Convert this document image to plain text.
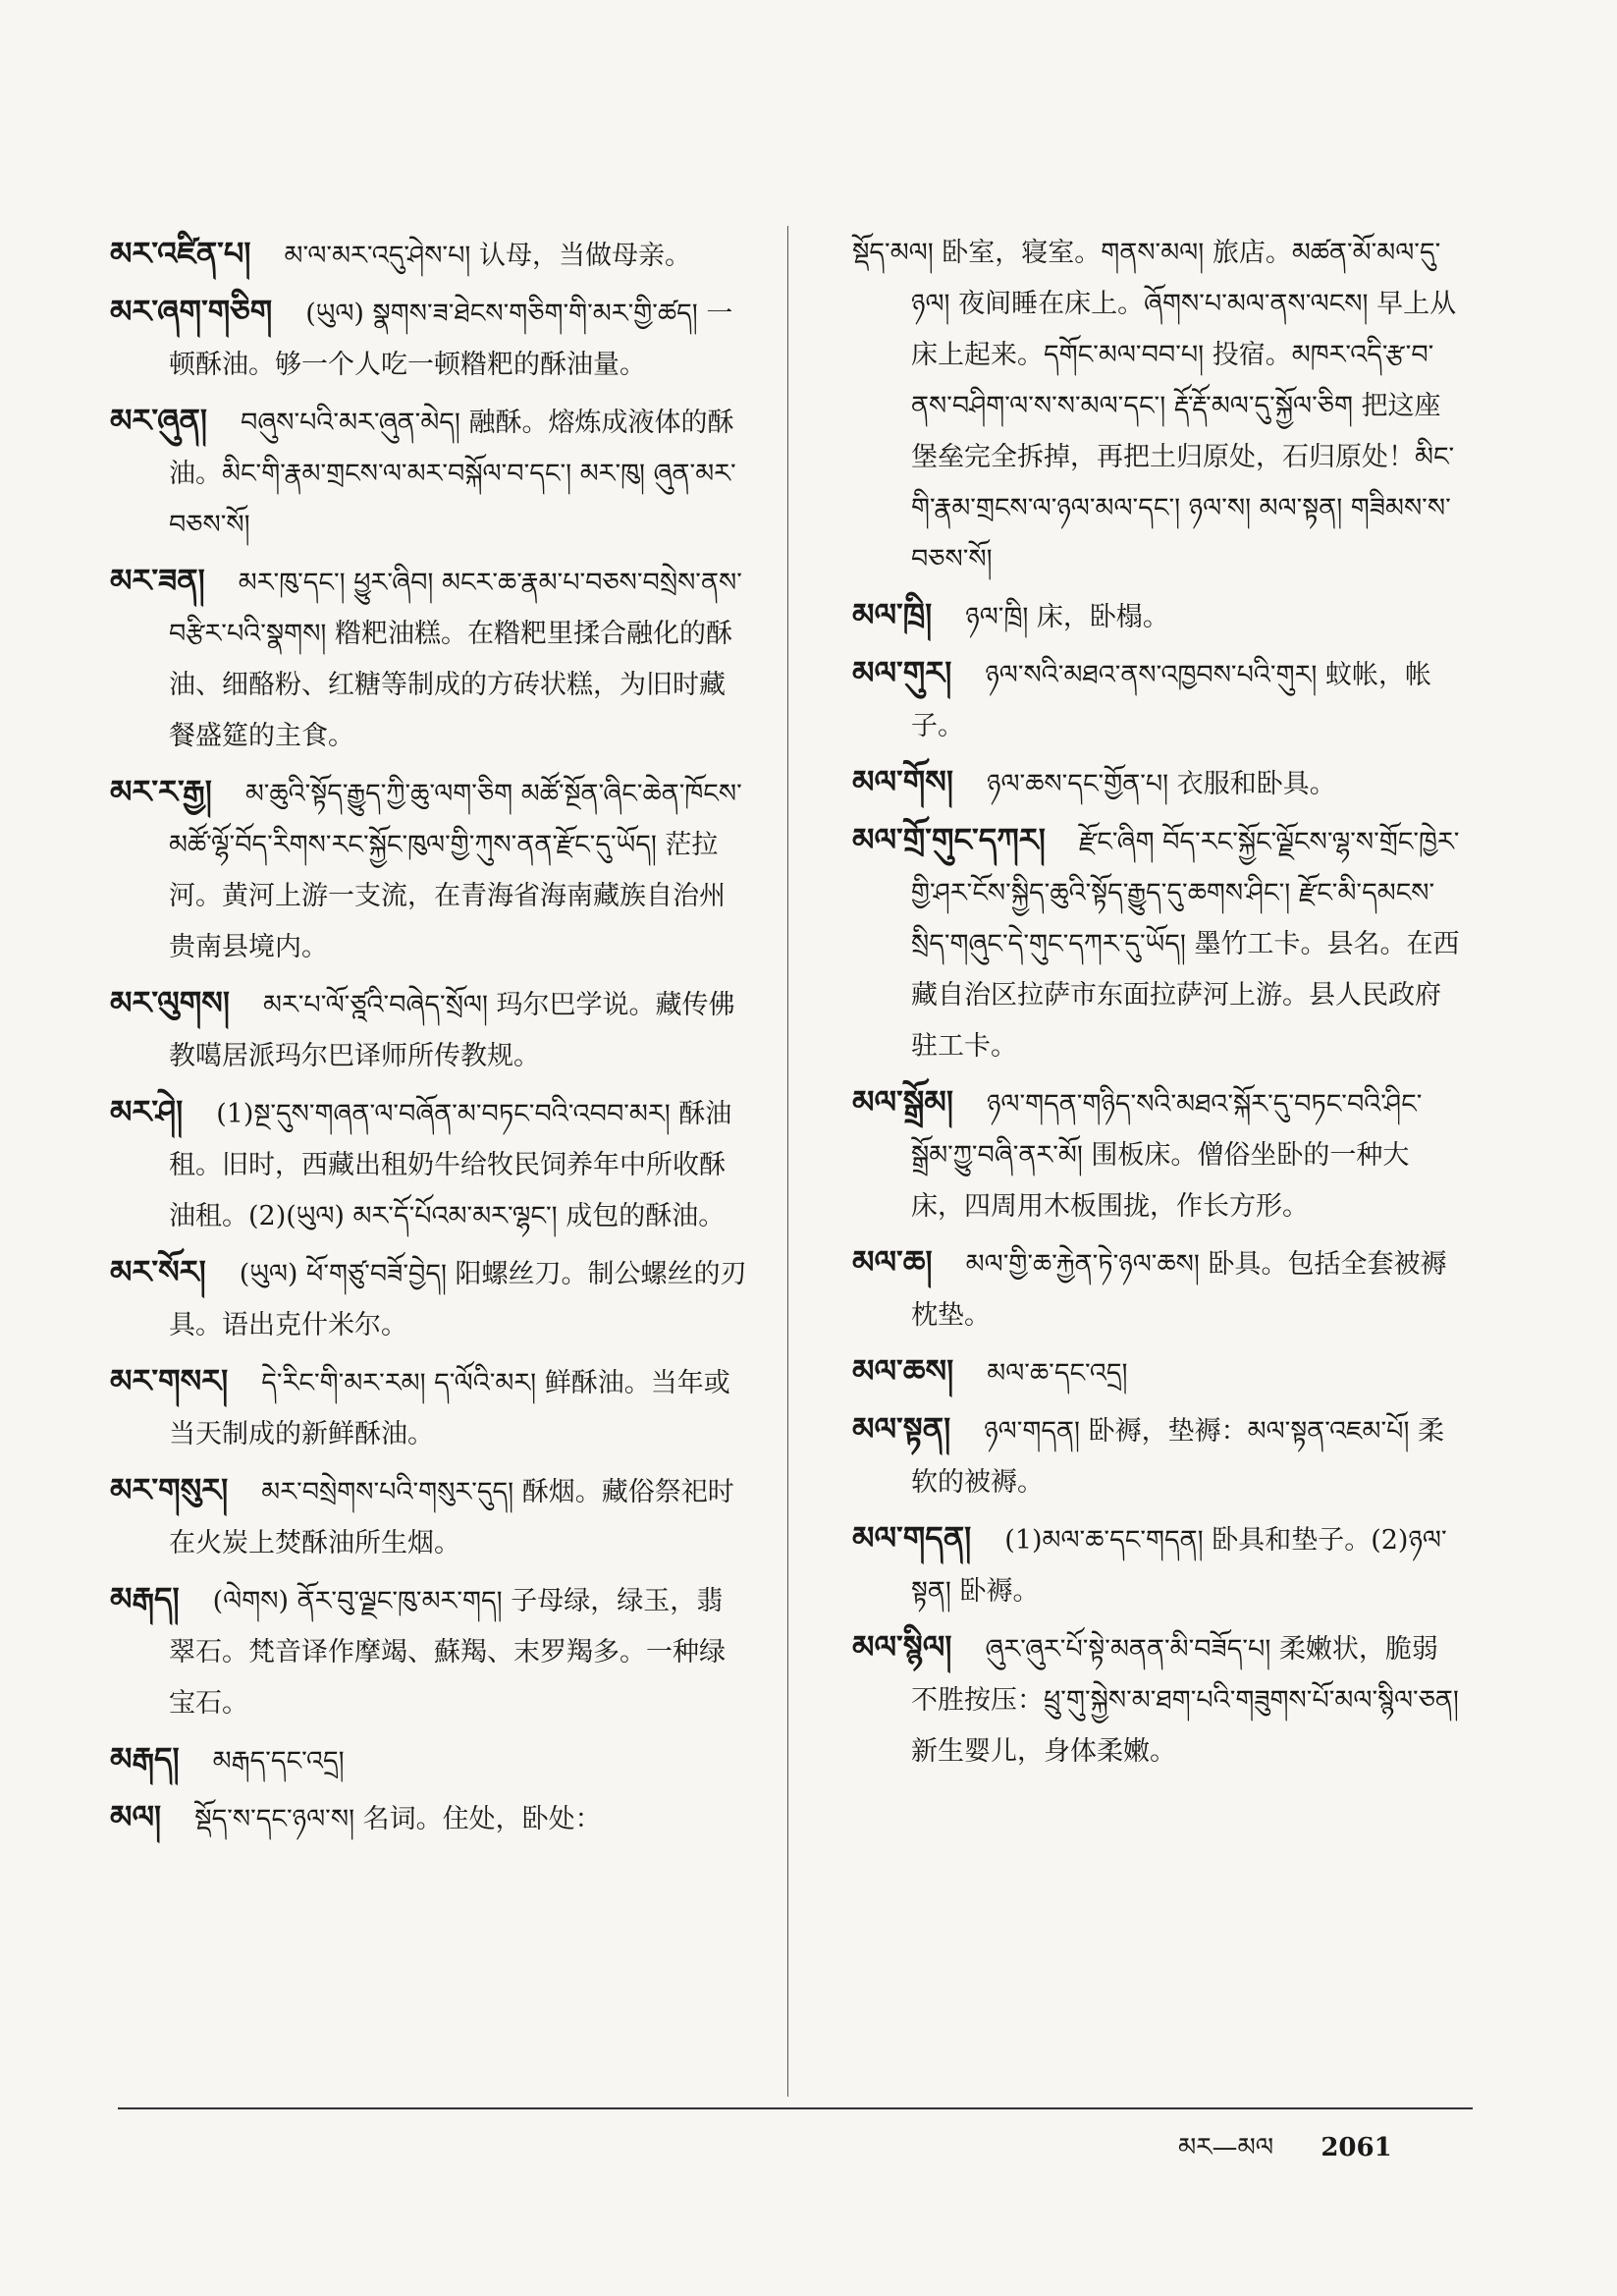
མར་འཛིན་པ། མ་ལ་མར་འདུ་ཤེས་པ། 认母，当做母亲。
མར་ཞག་གཅིག (ཡུལ) སྣགས་ཟ་ཐེངས་གཅིག་གི་མར་གྱི་ཚད། 一顿酥油。够一个人吃一顿糌粑的酥油量。
མར་ཞུན། བཞུས་པའི་མར་ཞུན་མེད། 融酥。熔炼成液体的酥油。མིང་གི་རྣམ་གྲངས་ལ་མར་བསྐོལ་བ་དང་། མར་ཁུ། ཞུན་མར་བཅས་སོ།
མར་ཟན། མར་ཁུ་དང་། ཕྱུར་ཞིབ། མངར་ཆ་རྣམ་པ་བཅས་བསྲེས་ནས་བརྩིར་པའི་སྣགས། 糌粑油糕。在糌粑里揉合融化的酥油、细酪粉、红糖等制成的方砖状糕，为旧时藏餐盛筵的主食。
མར་ར་རྒྱ། མ་ཆུའི་སྟོད་རྒྱུད་ཀྱི་ཆུ་ལག་ཅིག མཚོ་སྔོན་ཞིང་ཆེན་ཁོངས་མཚོ་ལྷོ་བོད་རིགས་རང་སྐྱོང་ཁུལ་གྱི་ཀུས་ནན་རྫོང་དུ་ཡོད། 茫拉河。黄河上游一支流，在青海省海南藏族自治州贵南县境内。
མར་ལུགས། མར་པ་ལོ་ཙྰའི་བཞེད་སྲོལ། 玛尔巴学说。藏传佛教噶居派玛尔巴译师所传教规。
མར་ཤེ། (1)སྔ་དུས་གཞན་ལ་བཞོན་མ་བཏང་བའི་འབབ་མར། 酥油租。旧时，西藏出租奶牛给牧民饲养年中所收酥油租。(2)(ཡུལ) མར་དོ་པོའམ་མར་ལྷང་། 成包的酥油。
མར་སོར། (ཡུལ) ཕོ་གཙུ་བཟོ་བྱེད། 阳螺丝刀。制公螺丝的刃具。语出克什米尔。
མར་གསར། དེ་རིང་གི་མར་རམ། ད་ལོའི་མར། 鲜酥油。当年或当天制成的新鲜酥油。
མར་གསུར། མར་བསྲེགས་པའི་གསུར་དུད། 酥烟。藏俗祭祀时在火炭上焚酥油所生烟。
མརྒད། (ལེགས) ནོར་བུ་ལྗང་ཁུ་མར་གད། 子母绿，绿玉，翡翠石。梵音译作摩竭、蘇羯、末罗羯多。一种绿宝石。
མརྒད། མརྒད་དང་འདྲ།
མལ། སྡོད་ས་དང་ཉལ་ས། 名词。住处，卧处：
སྡོད་མལ། 卧室，寝室。གནས་མལ། 旅店。མཚན་མོ་མལ་དུ་ཉལ། 夜间睡在床上。ཞོགས་པ་མལ་ནས་ལངས། 早上从床上起来。དགོང་མལ་བབ་པ། 投宿。མཁར་འདི་རྩ་བ་ནས་བཤིག་ལ་ས་ས་མལ་དང་། རྡོ་རྡོ་མལ་དུ་སྐྱོལ་ཅིག 把这座堡垒完全拆掉，再把土归原处，石归原处！མིང་གི་རྣམ་གྲངས་ལ་ཉལ་མལ་དང་། ཉལ་ས། མལ་སྟན། གཟིམས་ས་བཅས་སོ།
མལ་ཁྲི། ཉལ་ཁྲི། 床，卧榻。
མལ་གུར། ཉལ་སའི་མཐའ་ནས་འཁྱབས་པའི་གུར། 蚊帐，帐子。
མལ་གོས། ཉལ་ཆས་དང་གྱོན་པ། 衣服和卧具。
མལ་གྲོ་གུང་དཀར། རྫོང་ཞིག བོད་རང་སྐྱོང་ལྗོངས་ལྷ་ས་གྲོང་ཁྱེར་གྱི་ཤར་ངོས་སྐྱིད་ཆུའི་སྟོད་རྒྱུད་དུ་ཆགས་ཤིང་། རྫོང་མི་དམངས་སྲིད་གཞུང་དེ་གུང་དཀར་དུ་ཡོད། 墨竹工卡。县名。在西藏自治区拉萨市东面拉萨河上游。县人民政府驻工卡。
མལ་སྒྲོམ། ཉལ་གདན་གཉིད་སའི་མཐའ་སྐོར་དུ་བཏང་བའི་ཤིང་སྒྲོམ་ཀྱུ་བཞི་ནར་མོ། 围板床。僧俗坐卧的一种大床，四周用木板围拢，作长方形。
མལ་ཆ། མལ་གྱི་ཆ་རྐྱེན་ཏེ་ཉལ་ཆས། 卧具。包括全套被褥枕垫。
མལ་ཆས། མལ་ཆ་དང་འདྲ།
མལ་སྟན། ཉལ་གདན། 卧褥，垫褥：མལ་སྟན་འཇམ་པོ། 柔软的被褥。
མལ་གདན། (1)མལ་ཆ་དང་གདན། 卧具和垫子。(2)ཉལ་སྟན། 卧褥。
མལ་སྙིལ། ཞུར་ཞུར་པོ་སྟེ་མནན་མི་བཟོད་པ། 柔嫩状，脆弱不胜按压：ཕྲུ་གུ་སྐྱེས་མ་ཐག་པའི་གཟུགས་པོ་མལ་སྙིལ་ཅན། 新生婴儿，身体柔嫩。
མར—མལ 2061
